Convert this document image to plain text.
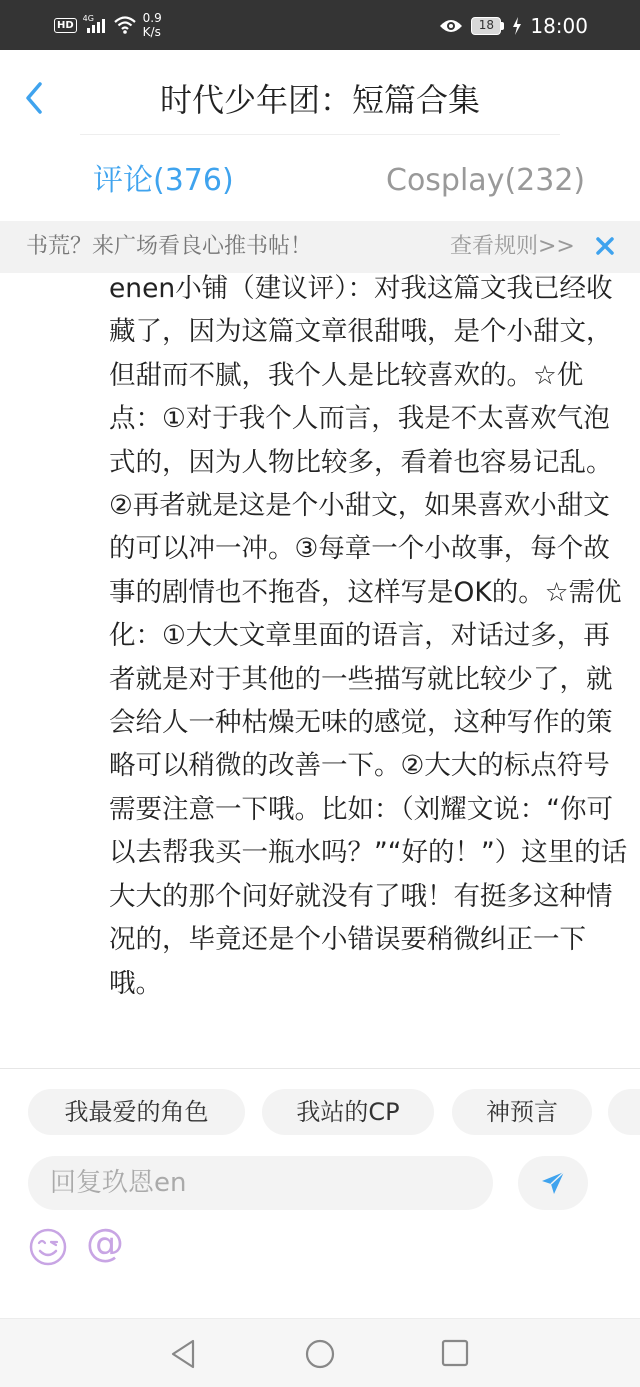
HD
4G	0.9
K/s	18	18:00
时代少年团：短篇合集
评论(376)	Cosplay(232)
书荒？来广场看良心推书帖！	查看规则>>
enen小铺（建议评）：对我这篇文我已经收藏了，因为这篇文章很甜哦，是个小甜文，但甜而不腻，我个人是比较喜欢的。☆优点：①对于我个人而言，我是不太喜欢气泡式的，因为人物比较多，看着也容易记乱。②再者就是这是个小甜文，如果喜欢小甜文的可以冲一冲。③每章一个小故事，每个故事的剧情也不拖沓，这样写是OK的。☆需优化：①大大文章里面的语言，对话过多，再者就是对于其他的一些描写就比较少了，就会给人一种枯燥无味的感觉，这种写作的策略可以稍微的改善一下。②大大的标点符号需要注意一下哦。比如：（刘耀文说：“你可以去帮我买一瓶水吗？”“好的！”）这里的话大大的那个问好就没有了哦！有挺多这种情况的，毕竟还是个小错误要稍微纠正一下哦。
我最爱的角色	我站的CP	神预言
回复玖恩en
@
